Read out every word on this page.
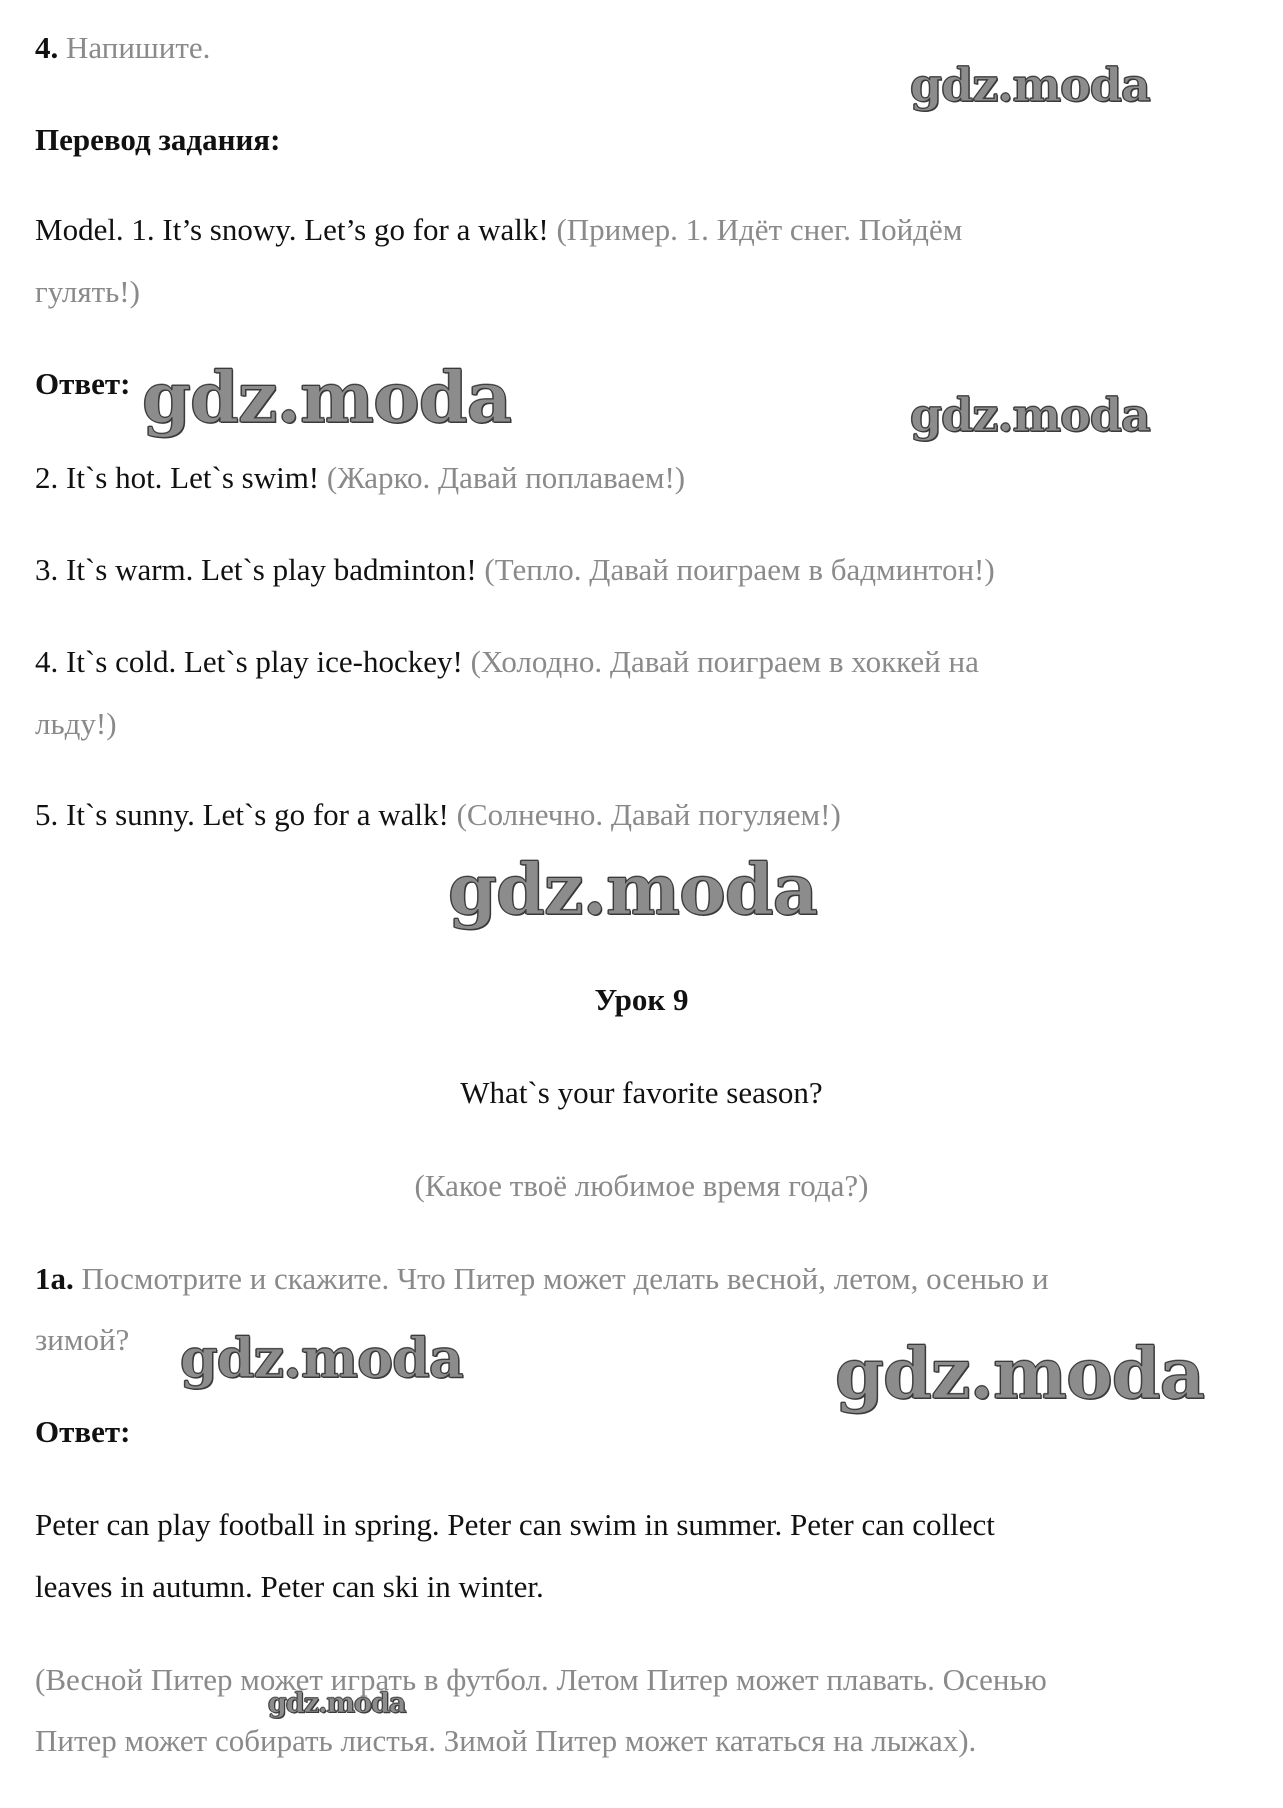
4. Напишите.
gdz.moda
Перевод задания:
Model. 1. It’s snowy. Let’s go for a walk! (Пример. 1. Идёт снег. Пойдём
гулять!)
Ответ: gdz.moda	gdz.moda
2. It`s hot. Let`s swim! (Жарко. Давай поплаваем!)
3. It`s warm. Let`s play badminton! (Тепло. Давай поиграем в бадминтон!)
4. It`s cold. Let`s play ice-hockey! (Холодно. Давай поиграем в хоккей на
льду!)
5. It`s sunny. Let`s go for a walk! (Солнечно. Давай погуляем!)
gdz.moda
Урок 9
What`s your favorite season?
(Какое твоё любимое время года?)
1a. Посмотрите и скажите. Что Питер может делать весной, летом, осенью и
зимой? gdz.moda	gdz.moda
Ответ:
Peter can play football in spring. Peter can swim in summer. Peter can collect
leaves in autumn. Peter can ski in winter.
(Весной Питер может играть в футбол. Летом Питер может плавать. Осенью
gdz.moda
Питер может собирать листья. Зимой Питер может кататься на лыжах).
